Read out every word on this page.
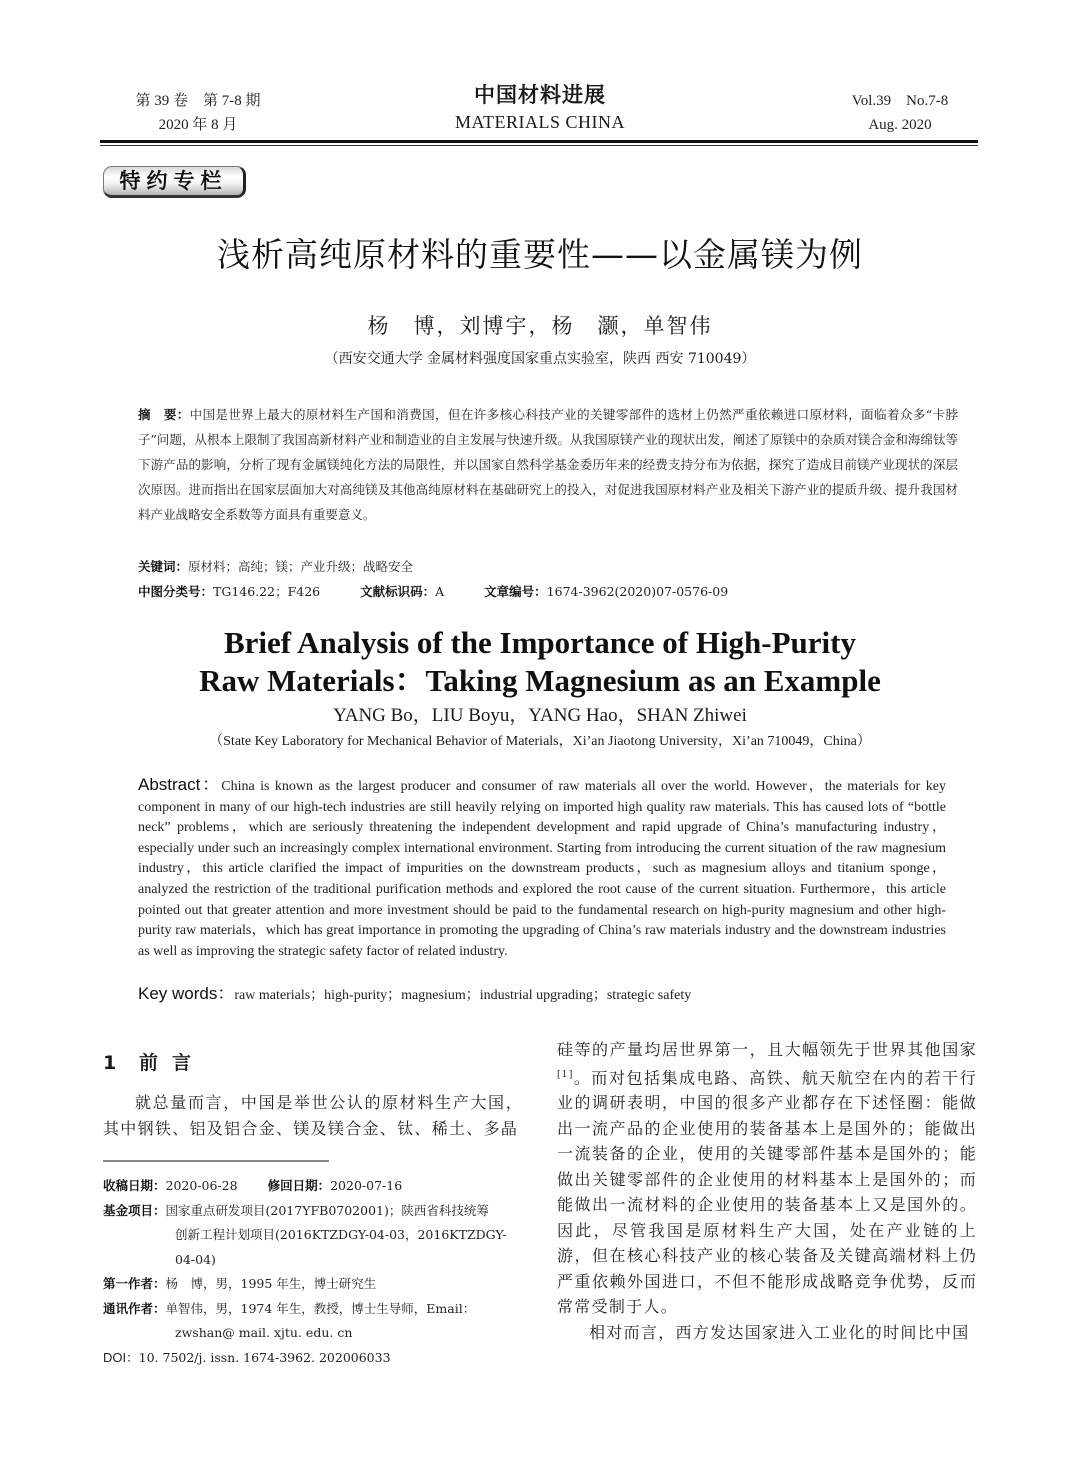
第 39 卷　第 7-8 期
2020 年 8 月
中国材料进展
MATERIALS CHINA
Vol.39　No.7-8
Aug. 2020
特约专栏
浅析高纯原材料的重要性——以金属镁为例
杨　博，刘博宇，杨　灏，单智伟
（西安交通大学 金属材料强度国家重点实验室，陕西 西安 710049）
摘　要：中国是世界上最大的原材料生产国和消费国，但在许多核心科技产业的关键零部件的选材上仍然严重依赖进口原材料，面临着众多“卡脖子”问题，从根本上限制了我国高新材料产业和制造业的自主发展与快速升级。从我国原镁产业的现状出发，阐述了原镁中的杂质对镁合金和海绵钛等下游产品的影响，分析了现有金属镁纯化方法的局限性，并以国家自然科学基金委历年来的经费支持分布为依据，探究了造成目前镁产业现状的深层次原因。进而指出在国家层面加大对高纯镁及其他高纯原材料在基础研究上的投入，对促进我国原材料产业及相关下游产业的提质升级、提升我国材料产业战略安全系数等方面具有重要意义。
关键词：原材料；高纯；镁；产业升级；战略安全
中图分类号：TG146.22；F426	文献标识码：A	文章编号：1674-3962(2020)07-0576-09
Brief Analysis of the Importance of High-Purity
Raw Materials：Taking Magnesium as an Example
YANG Bo，LIU Boyu，YANG Hao，SHAN Zhiwei
（State Key Laboratory for Mechanical Behavior of Materials，Xi’an Jiaotong University，Xi’an 710049，China）
Abstract：China is known as the largest producer and consumer of raw materials all over the world. However，the materials for key component in many of our high-tech industries are still heavily relying on imported high quality raw materials. This has caused lots of “bottle neck” problems，which are seriously threatening the independent development and rapid upgrade of China’s manufacturing industry，especially under such an increasingly complex international environment. Starting from introducing the current situation of the raw magnesium industry，this article clarified the impact of impurities on the downstream products，such as magnesium alloys and titanium sponge，analyzed the restriction of the traditional purification methods and explored the root cause of the current situation. Furthermore，this article pointed out that greater attention and more investment should be paid to the fundamental research on high-purity magnesium and other high-purity raw materials，which has great importance in promoting the upgrading of China’s raw materials industry and the downstream industries as well as improving the strategic safety factor of related industry.
Key words：raw materials；high-purity；magnesium；industrial upgrading；strategic safety
1 前言
就总量而言，中国是举世公认的原材料生产大国，其中钢铁、铝及铝合金、镁及镁合金、钛、稀土、多晶
收稿日期：2020-06-28 修回日期：2020-07-16
基金项目：国家重点研发项目(2017YFB0702001)；陕西省科技统筹
创新工程计划项目(2016KTZDGY-04-03，2016KTZDGY-
04-04)
第一作者：杨　博，男，1995 年生，博士研究生
通讯作者：单智伟，男，1974 年生，教授，博士生导师，Email：
zwshan@ mail. xjtu. edu. cn
DOI：10. 7502/j. issn. 1674-3962. 202006033
硅等的产量均居世界第一，且大幅领先于世界其他国家[1]。而对包括集成电路、高铁、航天航空在内的若干行业的调研表明，中国的很多产业都存在下述怪圈：能做出一流产品的企业使用的装备基本上是国外的；能做出一流装备的企业，使用的关键零部件基本是国外的；能做出关键零部件的企业使用的材料基本上是国外的；而能做出一流材料的企业使用的装备基本上又是国外的。因此，尽管我国是原材料生产大国，处在产业链的上游，但在核心科技产业的核心装备及关键高端材料上仍严重依赖外国进口，不但不能形成战略竞争优势，反而常常受制于人。
相对而言，西方发达国家进入工业化的时间比中国
